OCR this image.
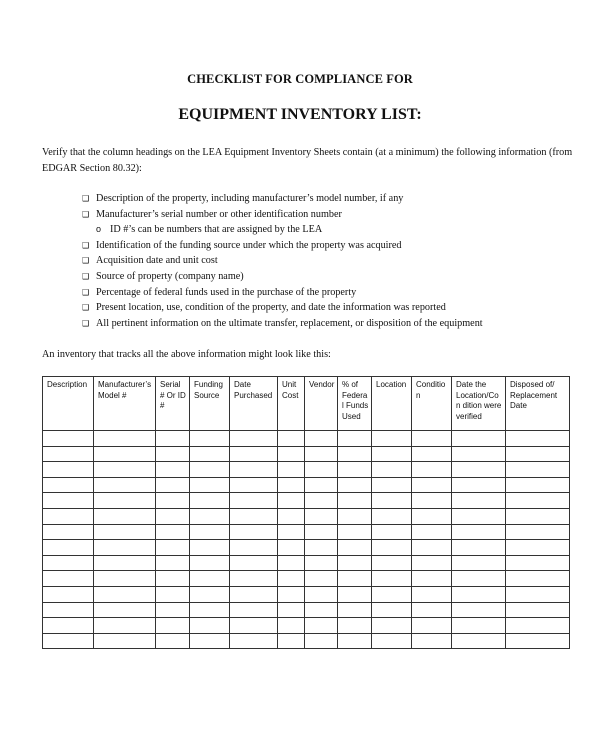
CHECKLIST FOR COMPLIANCE FOR
EQUIPMENT INVENTORY LIST:
Verify that the column headings on the LEA Equipment Inventory Sheets contain (at a minimum) the following information (from EDGAR Section 80.32):
❑ Description of the property, including manufacturer’s model number, if any
❑ Manufacturer’s serial number or other identification number
o ID #’s can be numbers that are assigned by the LEA
❑ Identification of the funding source under which the property was acquired
❑ Acquisition date and unit cost
❑ Source of property (company name)
❑ Percentage of federal funds used in the purchase of the property
❑ Present location, use, condition of the property, and date the information was reported
❑ All pertinent information on the ultimate transfer, replacement, or disposition of the equipment
An inventory that tracks all the above information might look like this:
Description	Manufacturer’s Model #	Serial # Or ID #	Funding Source	Date Purchased	Unit Cost	Vendor	% of Federal Funds Used	Location	Condition	Date the Location/Con dition were verified	Disposed of/ Replacement Date
